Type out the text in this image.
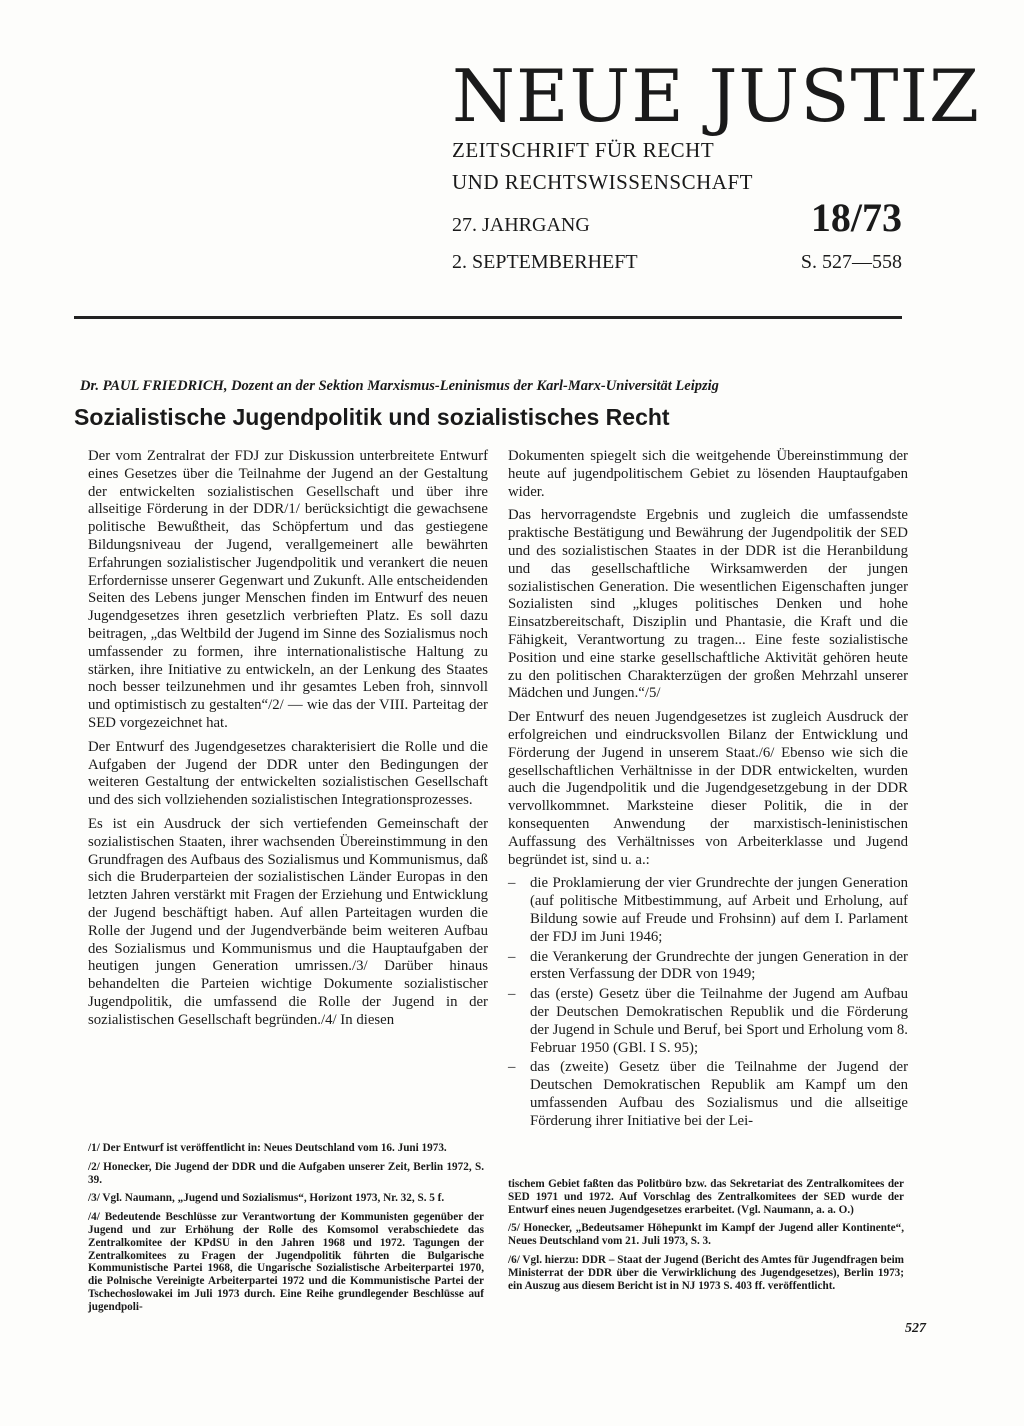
NEUE JUSTIZ
ZEITSCHRIFT FÜR RECHT
UND RECHTSWISSENSCHAFT
27. JAHRGANG	18/73
2. SEPTEMBERHEFT	S. 527—558
Dr. PAUL FRIEDRICH, Dozent an der Sektion Marxismus-Leninismus der Karl-Marx-Universität Leipzig
Sozialistische Jugendpolitik und sozialistisches Recht

Der vom Zentralrat der FDJ zur Diskussion unterbreitete Entwurf eines Gesetzes über die Teilnahme der Jugend an der Gestaltung der entwickelten sozialistischen Gesellschaft und über ihre allseitige Förderung in der DDR/1/ berücksichtigt die gewachsene politische Bewußtheit, das Schöpfertum und das gestiegene Bildungsniveau der Jugend, verallgemeinert alle bewährten Erfahrungen sozialistischer Jugendpolitik und verankert die neuen Erfordernisse unserer Gegenwart und Zukunft. Alle entscheidenden Seiten des Lebens junger Menschen finden im Entwurf des neuen Jugendgesetzes ihren gesetzlich verbrieften Platz. Es soll dazu beitragen, „das Weltbild der Jugend im Sinne des Sozialismus noch umfassender zu formen, ihre internationalistische Haltung zu stärken, ihre Initiative zu entwickeln, an der Lenkung des Staates noch besser teilzunehmen und ihr gesamtes Leben froh, sinnvoll und optimistisch zu gestalten“/2/ — wie das der VIII. Parteitag der SED vorgezeichnet hat.

Der Entwurf des Jugendgesetzes charakterisiert die Rolle und die Aufgaben der Jugend der DDR unter den Bedingungen der weiteren Gestaltung der entwickelten sozialistischen Gesellschaft und des sich vollziehenden sozialistischen Integrationsprozesses.

Es ist ein Ausdruck der sich vertiefenden Gemeinschaft der sozialistischen Staaten, ihrer wachsenden Übereinstimmung in den Grundfragen des Aufbaus des Sozialismus und Kommunismus, daß sich die Bruderparteien der sozialistischen Länder Europas in den letzten Jahren verstärkt mit Fragen der Erziehung und Entwicklung der Jugend beschäftigt haben. Auf allen Parteitagen wurden die Rolle der Jugend und der Jugendverbände beim weiteren Aufbau des Sozialismus und Kommunismus und die Hauptaufgaben der heutigen jungen Generation umrissen./3/ Darüber hinaus behandelten die Parteien wichtige Dokumente sozialistischer Jugendpolitik, die umfassend die Rolle der Jugend in der sozialistischen Gesellschaft begründen./4/ In diesen

Dokumenten spiegelt sich die weitgehende Übereinstimmung der heute auf jugendpolitischem Gebiet zu lösenden Hauptaufgaben wider.

Das hervorragendste Ergebnis und zugleich die umfassendste praktische Bestätigung und Bewährung der Jugendpolitik der SED und des sozialistischen Staates in der DDR ist die Heranbildung und das gesellschaftliche Wirksamwerden der jungen sozialistischen Generation. Die wesentlichen Eigenschaften junger Sozialisten sind „kluges politisches Denken und hohe Einsatzbereitschaft, Disziplin und Phantasie, die Kraft und die Fähigkeit, Verantwortung zu tragen... Eine feste sozialistische Position und eine starke gesellschaftliche Aktivität gehören heute zu den politischen Charakterzügen der großen Mehrzahl unserer Mädchen und Jungen.“/5/

Der Entwurf des neuen Jugendgesetzes ist zugleich Ausdruck der erfolgreichen und eindrucksvollen Bilanz der Entwicklung und Förderung der Jugend in unserem Staat./6/ Ebenso wie sich die gesellschaftlichen Verhältnisse in der DDR entwickelten, wurden auch die Jugendpolitik und die Jugendgesetzgebung in der DDR vervollkommnet. Marksteine dieser Politik, die in der konsequenten Anwendung der marxistisch-leninistischen Auffassung des Verhältnisses von Arbeiterklasse und Jugend begründet ist, sind u. a.:

– die Proklamierung der vier Grundrechte der jungen Generation (auf politische Mitbestimmung, auf Arbeit und Erholung, auf Bildung sowie auf Freude und Frohsinn) auf dem I. Parlament der FDJ im Juni 1946;
– die Verankerung der Grundrechte der jungen Generation in der ersten Verfassung der DDR von 1949;
– das (erste) Gesetz über die Teilnahme der Jugend am Aufbau der Deutschen Demokratischen Republik und die Förderung der Jugend in Schule und Beruf, bei Sport und Erholung vom 8. Februar 1950 (GBl. I S. 95);
– das (zweite) Gesetz über die Teilnahme der Jugend der Deutschen Demokratischen Republik am Kampf um den umfassenden Aufbau des Sozialismus und die allseitige Förderung ihrer Initiative bei der Lei-
/1/ Der Entwurf ist veröffentlicht in: Neues Deutschland vom 16. Juni 1973.
/2/ Honecker, Die Jugend der DDR und die Aufgaben unserer Zeit, Berlin 1972, S. 39.
/3/ Vgl. Naumann, „Jugend und Sozialismus“, Horizont 1973, Nr. 32, S. 5 f.
/4/ Bedeutende Beschlüsse zur Verantwortung der Kommunisten gegenüber der Jugend und zur Erhöhung der Rolle des Komsomol verabschiedete das Zentralkomitee der KPdSU in den Jahren 1968 und 1972. Tagungen der Zentralkomitees zu Fragen der Jugendpolitik führten die Bulgarische Kommunistische Partei 1968, die Ungarische Sozialistische Arbeiterpartei 1970, die Polnische Vereinigte Arbeiterpartei 1972 und die Kommunistische Partei der Tschechoslowakei im Juli 1973 durch. Eine Reihe grundlegender Beschlüsse auf jugendpoli-
tischem Gebiet faßten das Politbüro bzw. das Sekretariat des Zentralkomitees der SED 1971 und 1972. Auf Vorschlag des Zentralkomitees der SED wurde der Entwurf eines neuen Jugendgesetzes erarbeitet. (Vgl. Naumann, a. a. O.)
/5/ Honecker, „Bedeutsamer Höhepunkt im Kampf der Jugend aller Kontinente“, Neues Deutschland vom 21. Juli 1973, S. 3.
/6/ Vgl. hierzu: DDR – Staat der Jugend (Bericht des Amtes für Jugendfragen beim Ministerrat der DDR über die Verwirklichung des Jugendgesetzes), Berlin 1973; ein Auszug aus diesem Bericht ist in NJ 1973 S. 403 ff. veröffentlicht.
527
